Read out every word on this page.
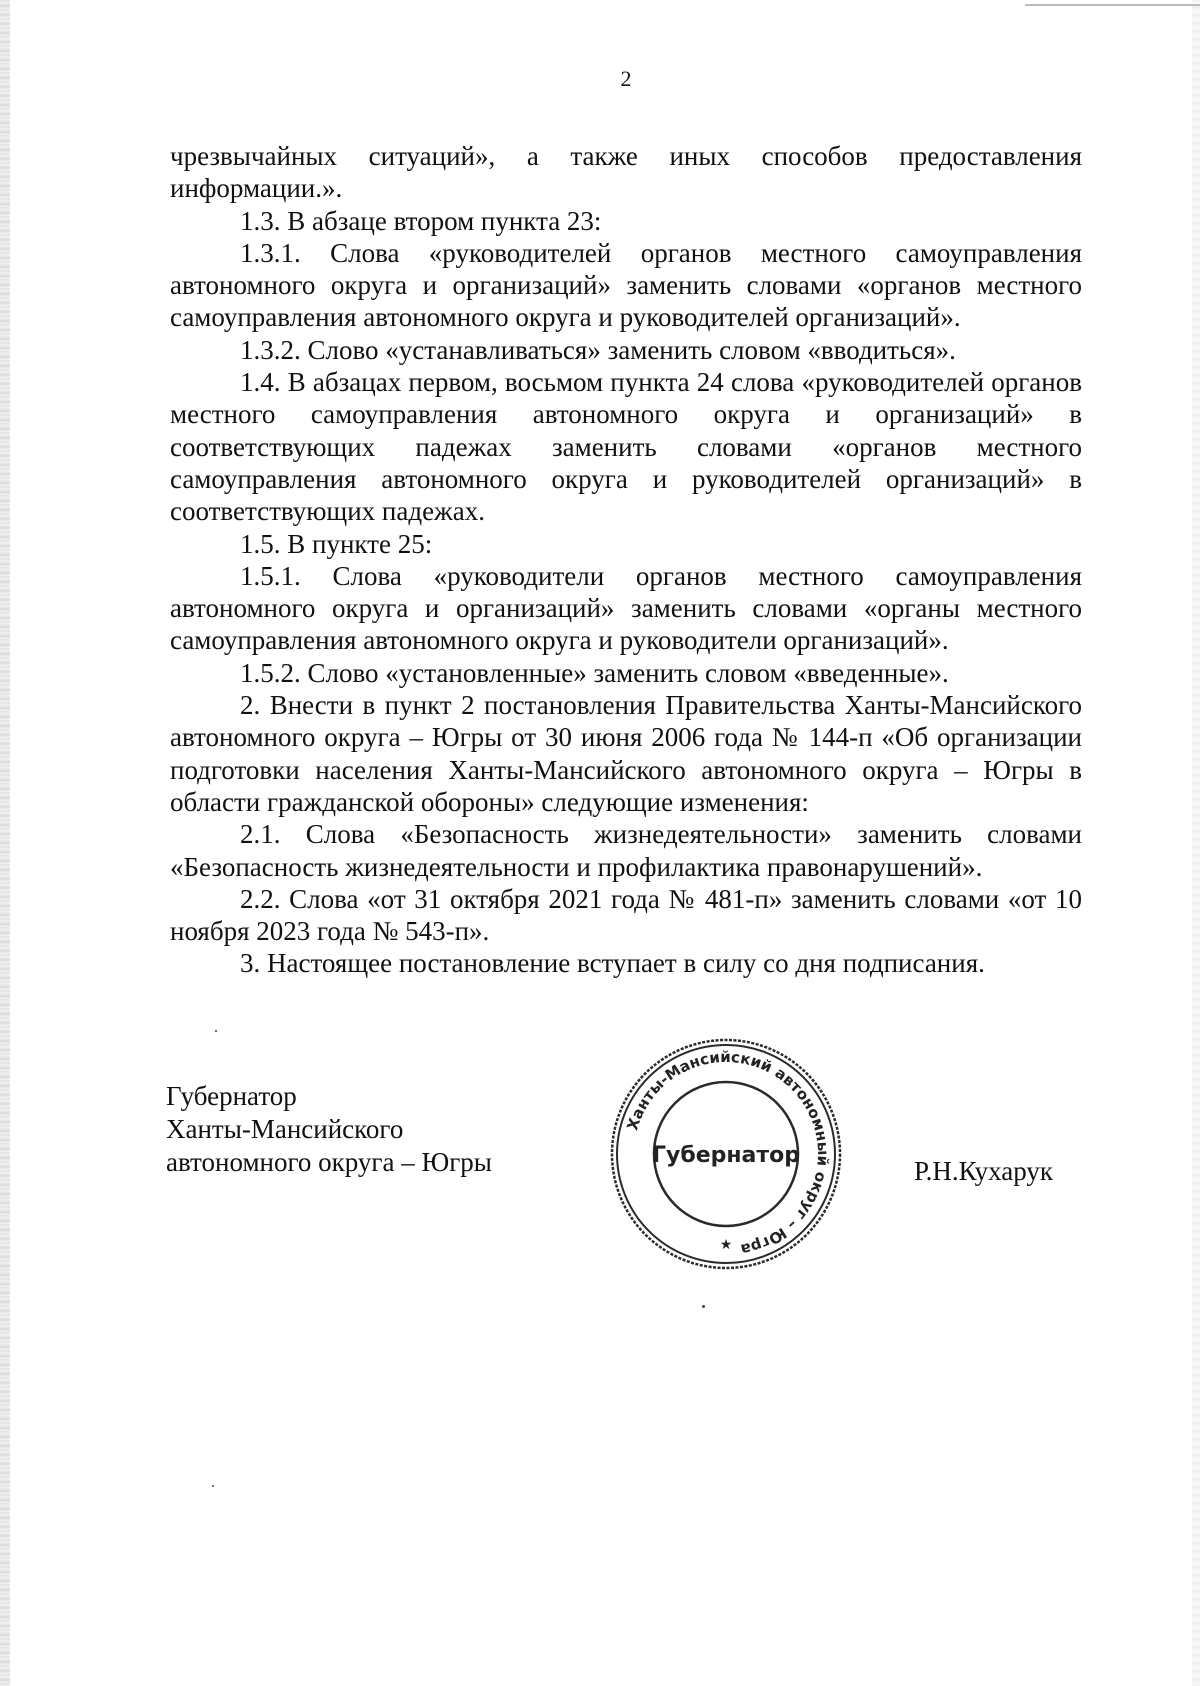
2

чрезвычайных ситуаций», а также иных способов предоставления информации.».

1.3. В абзаце втором пункта 23:

1.3.1. Слова «руководителей органов местного самоуправления автономного округа и организаций» заменить словами «органов местного самоуправления автономного округа и руководителей организаций».

1.3.2. Слово «устанавливаться» заменить словом «вводиться».

1.4. В абзацах первом, восьмом пункта 24 слова «руководителей органов местного самоуправления автономного округа и организаций» в соответствующих падежах заменить словами «органов местного самоуправления автономного округа и руководителей организаций» в соответствующих падежах.

1.5. В пункте 25:

1.5.1. Слова «руководители органов местного самоуправления автономного округа и организаций» заменить словами «органы местного самоуправления автономного округа и руководители организаций».

1.5.2. Слово «установленные» заменить словом «введенные».

2. Внести в пункт 2 постановления Правительства Ханты-Мансийского автономного округа – Югры от 30 июня 2006 года № 144-п «Об организации подготовки населения Ханты-Мансийского автономного округа – Югры в области гражданской обороны» следующие изменения:

2.1. Слова «Безопасность жизнедеятельности» заменить словами «Безопасность жизнедеятельности и профилактика правонарушений».

2.2. Слова «от 31 октября 2021 года № 481-п» заменить словами «от 10 ноября 2023 года № 543-п».

3. Настоящее постановление вступает в силу со дня подписания.

Губернатор
Ханты-Мансийского
автономного округа – Югры
Ханты-Мансийский автономный округ – Югра
Губернатор
★
Р.Н.Кухарук
